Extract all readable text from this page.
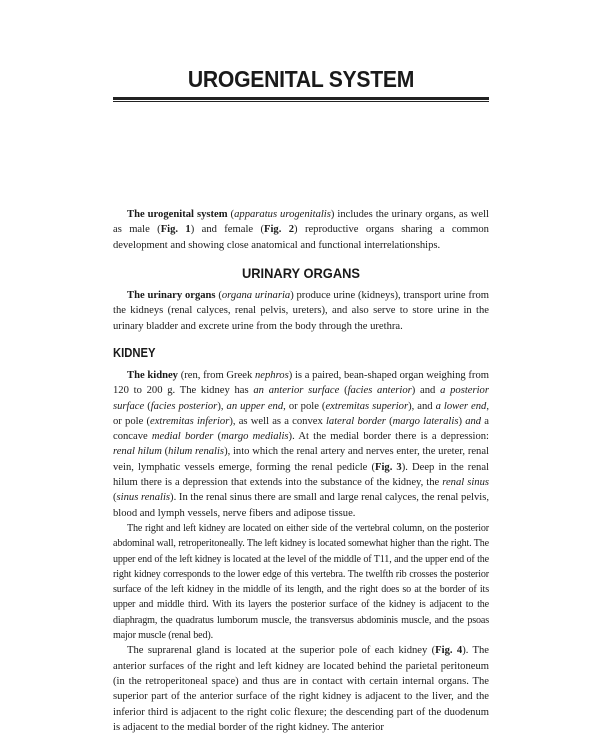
UROGENITAL SYSTEM

The urogenital system (apparatus urogenitalis) includes the urinary organs, as well as male (Fig. 1) and female (Fig. 2) reproductive organs sharing a common development and showing close anatomical and functional interrelationships.

URINARY ORGANS

The urinary organs (organa urinaria) produce urine (kidneys), transport urine from the kidneys (renal calyces, renal pelvis, ureters), and also serve to store urine in the urinary bladder and excrete urine from the body through the urethra.

KIDNEY

The kidney (ren, from Greek nephros) is a paired, bean-shaped organ weighing from 120 to 200 g. The kidney has an anterior surface (facies anterior) and a posterior surface (facies posterior), an upper end, or pole (extremitas superior), and a lower end, or pole (extremitas inferior), as well as a convex lateral border (margo lateralis) and a concave medial border (margo medialis). At the medial border there is a depression: renal hilum (hilum renalis), into which the renal artery and nerves enter, the ureter, renal vein, lymphatic vessels emerge, forming the renal pedicle (Fig. 3). Deep in the renal hilum there is a depression that extends into the substance of the kidney, the renal sinus (sinus renalis). In the renal sinus there are small and large renal calyces, the renal pelvis, blood and lymph vessels, nerve fibers and adipose tissue.

The right and left kidney are located on either side of the vertebral column, on the posterior abdominal wall, retroperitoneally. The left kidney is located somewhat higher than the right. The upper end of the left kidney is located at the level of the middle of T11, and the upper end of the right kidney corresponds to the lower edge of this vertebra. The twelfth rib crosses the posterior surface of the left kidney in the middle of its length, and the right does so at the border of its upper and middle third. With its layers the posterior surface of the kidney is adjacent to the diaphragm, the quadratus lumborum muscle, the transversus abdominis muscle, and the psoas major muscle (renal bed).

The suprarenal gland is located at the superior pole of each kidney (Fig. 4). The anterior surfaces of the right and left kidney are located behind the parietal peritoneum (in the retroperitoneal space) and thus are in contact with certain internal organs. The superior part of the anterior surface of the right kidney is adjacent to the liver, and the inferior third is adjacent to the right colic flexure; the descending part of the duodenum is adjacent to the medial border of the right kidney. The anterior
